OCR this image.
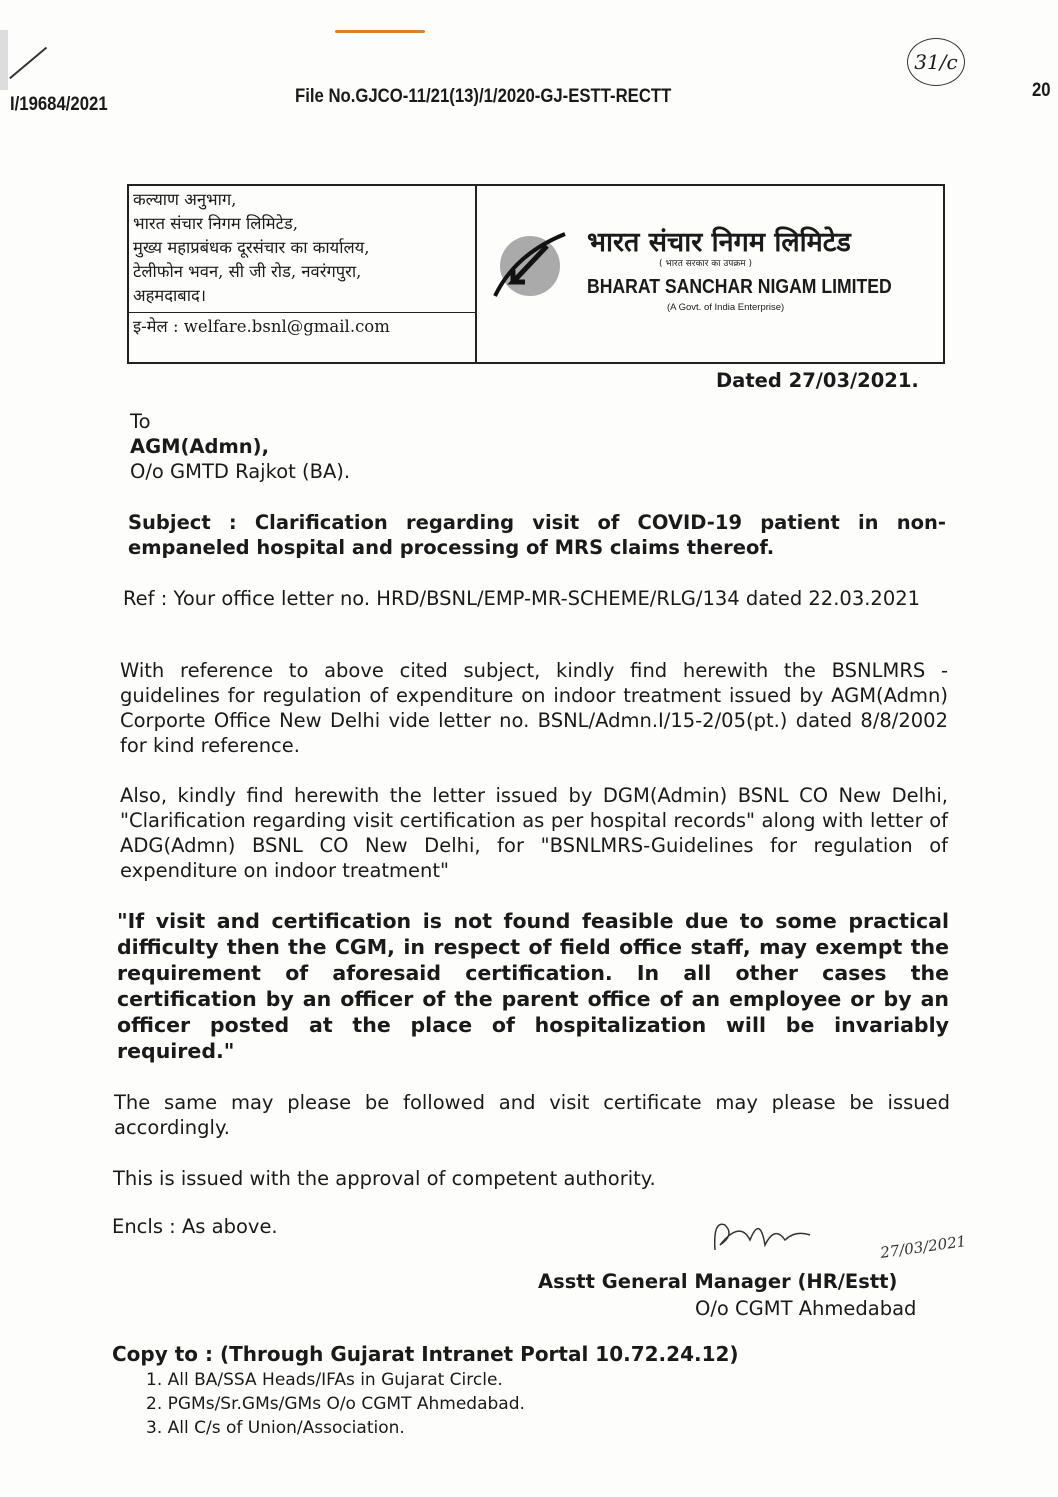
I/19684/2021	File No.GJCO-11/21(13)/1/2020-GJ-ESTT-RECTT
31/c
20
कल्याण अनुभाग,
भारत संचार निगम लिमिटेड,
मुख्य महाप्रबंधक दूरसंचार का कार्यालय,
टेलीफोन भवन, सी जी रोड, नवरंगपुरा,
अहमदाबाद।
इ-मेल : welfare.bsnl@gmail.com
भारत संचार निगम लिमिटेड
( भारत सरकार का उपक्रम )
BHARAT SANCHAR NIGAM LIMITED
(A Govt. of India Enterprise)
Dated 27/03/2021.
To
AGM(Admn),
O/o GMTD Rajkot (BA).
Subject : Clarification regarding visit of COVID-19 patient in non-empaneled hospital and processing of MRS claims thereof.
Ref : Your office letter no. HRD/BSNL/EMP-MR-SCHEME/RLG/134 dated 22.03.2021
With reference to above cited subject, kindly find herewith the BSNLMRS - guidelines for regulation of expenditure on indoor treatment issued by AGM(Admn) Corporte Office New Delhi vide letter no. BSNL/Admn.I/15-2/05(pt.) dated 8/8/2002 for kind reference.
Also, kindly find herewith the letter issued by DGM(Admin) BSNL CO New Delhi, "Clarification regarding visit certification as per hospital records" along with letter of ADG(Admn) BSNL CO New Delhi, for "BSNLMRS-Guidelines for regulation of expenditure on indoor treatment"
"If visit and certification is not found feasible due to some practical difficulty then the CGM, in respect of field office staff, may exempt the requirement of aforesaid certification. In all other cases the certification by an officer of the parent office of an employee or by an officer posted at the place of hospitalization will be invariably required."
The same may please be followed and visit certificate may please be issued accordingly.
This is issued with the approval of competent authority.
Encls : As above.
27/03/2021
Asstt General Manager (HR/Estt)
O/o CGMT Ahmedabad
Copy to : (Through Gujarat Intranet Portal 10.72.24.12)
1. All BA/SSA Heads/IFAs in Gujarat Circle.
2. PGMs/Sr.GMs/GMs O/o CGMT Ahmedabad.
3. All C/s of Union/Association.
